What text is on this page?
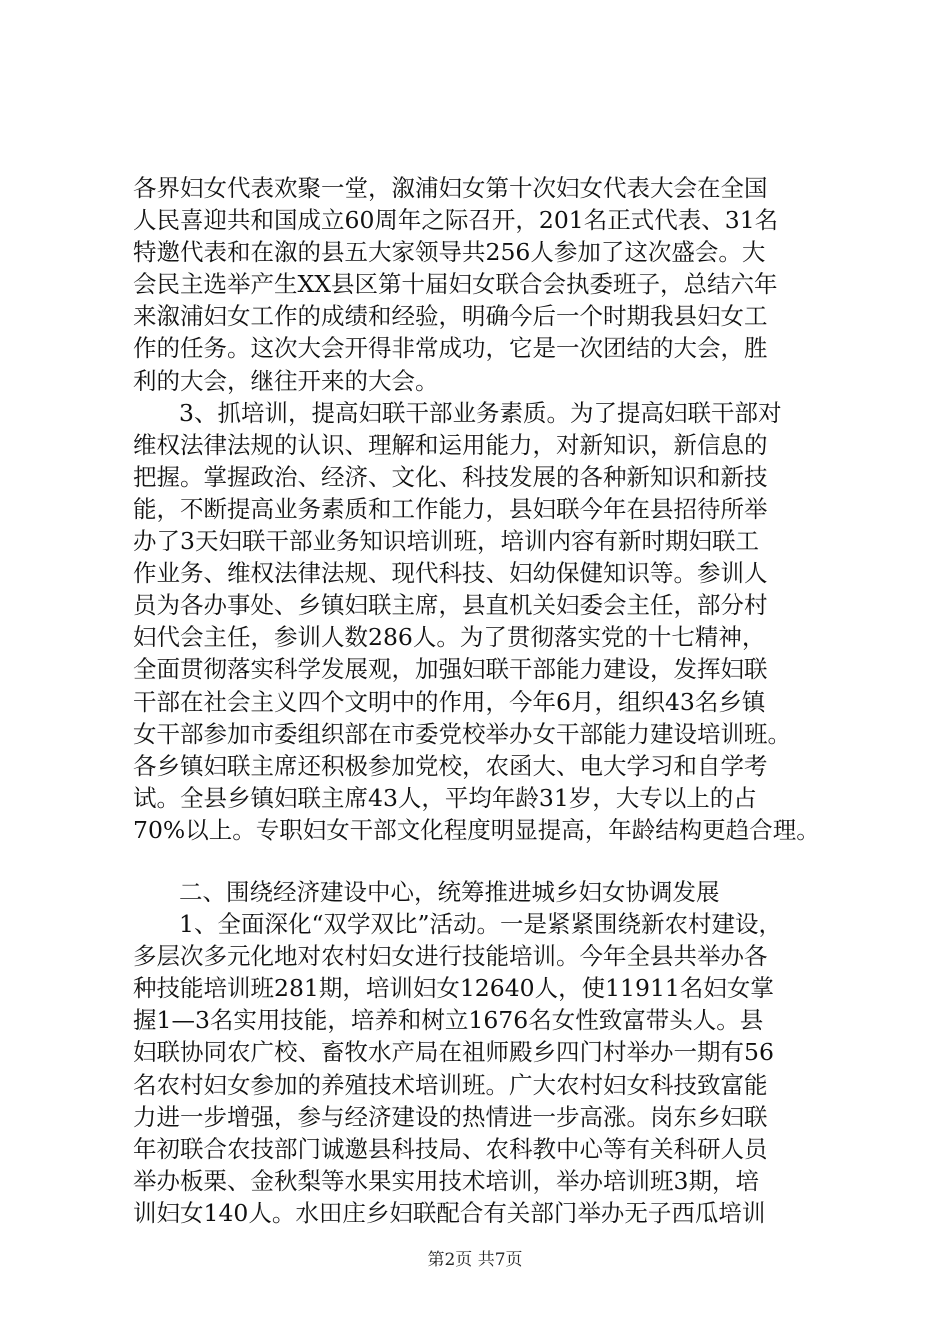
各界妇女代表欢聚一堂，溆浦妇女第十次妇女代表大会在全国
人民喜迎共和国成立60周年之际召开，201名正式代表、31名
特邀代表和在溆的县五大家领导共256人参加了这次盛会。大
会民主选举产生XX县区第十届妇女联合会执委班子，总结六年
来溆浦妇女工作的成绩和经验，明确今后一个时期我县妇女工
作的任务。这次大会开得非常成功，它是一次团结的大会，胜
利的大会，继往开来的大会。
3、抓培训，提高妇联干部业务素质。为了提高妇联干部对
维权法律法规的认识、理解和运用能力，对新知识，新信息的
把握。掌握政治、经济、文化、科技发展的各种新知识和新技
能，不断提高业务素质和工作能力，县妇联今年在县招待所举
办了3天妇联干部业务知识培训班，培训内容有新时期妇联工
作业务、维权法律法规、现代科技、妇幼保健知识等。参训人
员为各办事处、乡镇妇联主席，县直机关妇委会主任，部分村
妇代会主任，参训人数286人。为了贯彻落实党的十七精神，
全面贯彻落实科学发展观，加强妇联干部能力建设，发挥妇联
干部在社会主义四个文明中的作用，今年6月，组织43名乡镇
女干部参加市委组织部在市委党校举办女干部能力建设培训班。
各乡镇妇联主席还积极参加党校，农函大、电大学习和自学考
试。全县乡镇妇联主席43人，平均年龄31岁，大专以上的占
70%以上。专职妇女干部文化程度明显提高，年龄结构更趋合理。
二、围绕经济建设中心，统筹推进城乡妇女协调发展
1、全面深化“双学双比”活动。一是紧紧围绕新农村建设，
多层次多元化地对农村妇女进行技能培训。今年全县共举办各
种技能培训班281期，培训妇女12640人，使11911名妇女掌
握1—3名实用技能，培养和树立1676名女性致富带头人。县
妇联协同农广校、畜牧水产局在祖师殿乡四门村举办一期有56
名农村妇女参加的养殖技术培训班。广大农村妇女科技致富能
力进一步增强，参与经济建设的热情进一步高涨。岗东乡妇联
年初联合农技部门诚邀县科技局、农科教中心等有关科研人员
举办板栗、金秋梨等水果实用技术培训，举办培训班3期，培
训妇女140人。水田庄乡妇联配合有关部门举办无子西瓜培训
第2页 共7页
